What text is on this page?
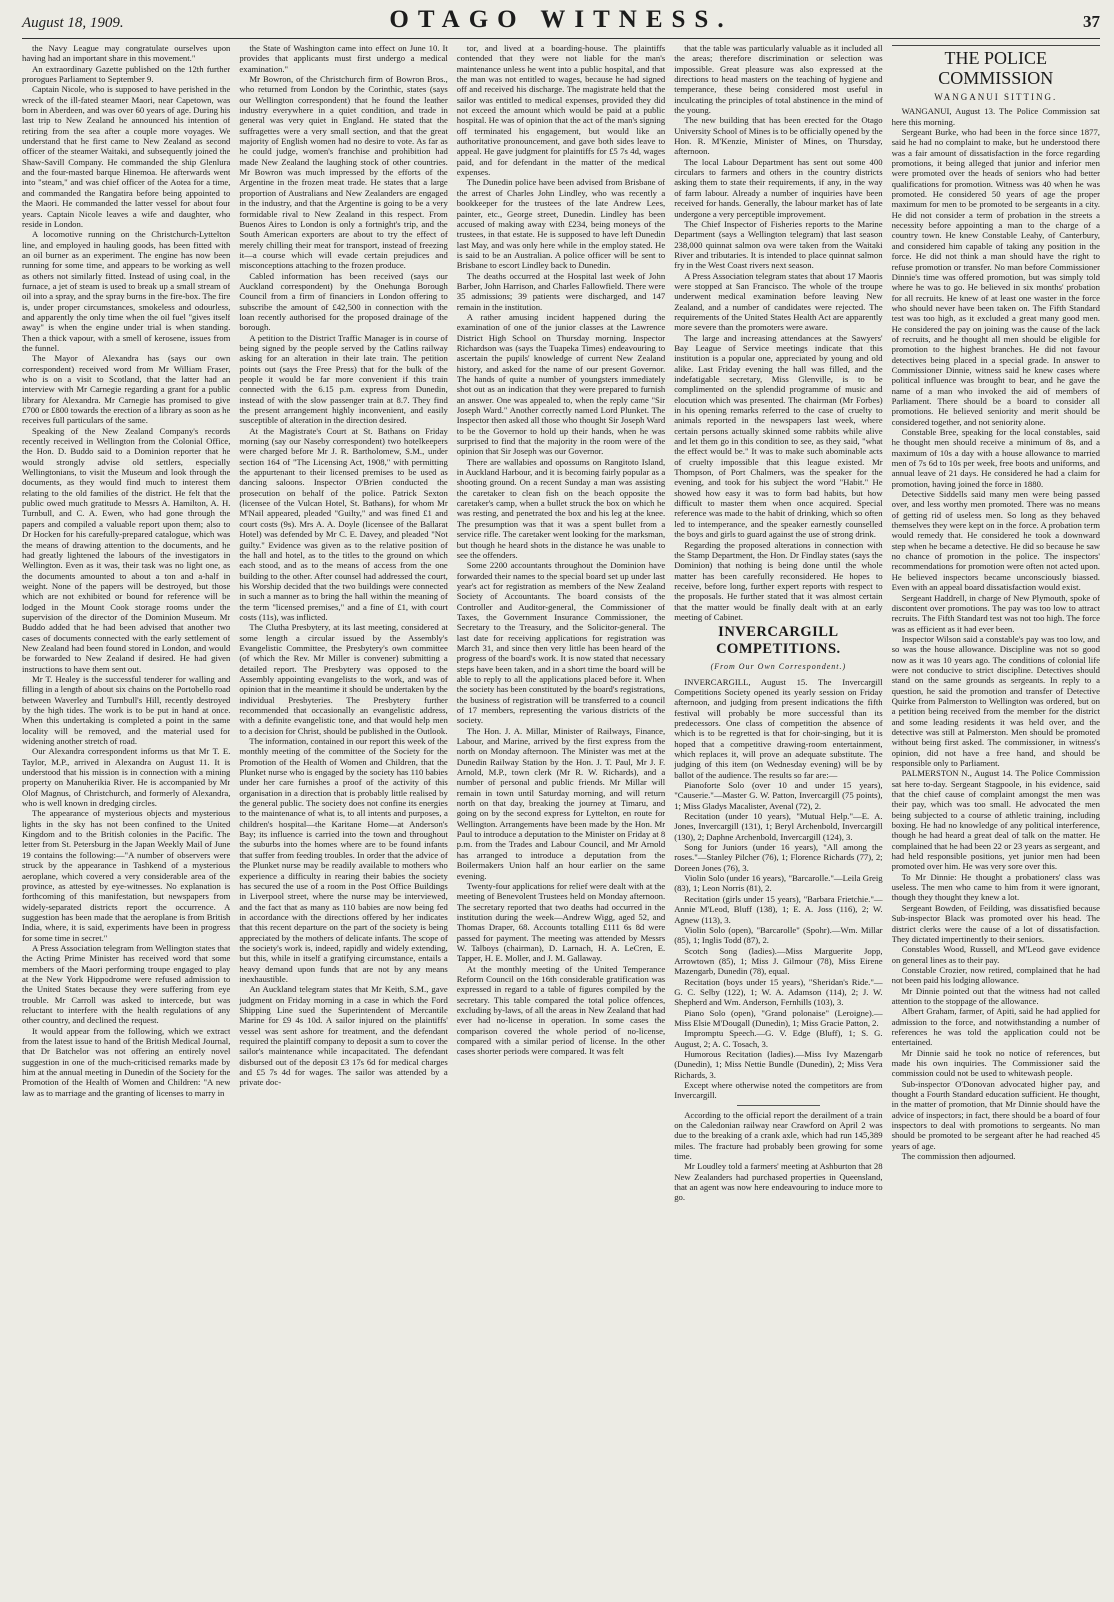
August 18, 1909.	OTAGO WITNESS.	37

the Navy League may congratulate ourselves upon having had an important share in this movement."

An extraordinary Gazette published on the 12th further prorogues Parliament to September 9.

Captain Nicole, who is supposed to have perished in the wreck of the ill-fated steamer Maori, near Capetown, was born in Aberdeen, and was over 60 years of age. During his last trip to New Zealand he announced his intention of retiring from the sea after a couple more voyages. We understand that he first came to New Zealand as second officer of the steamer Waitaki, and subsequently joined the Shaw-Savill Company. He commanded the ship Glenlura and the four-masted barque Hinemoa. He afterwards went into "steam," and was chief officer of the Aotea for a time, and commanded the Rangatira before being appointed to the Maori. He commanded the latter vessel for about four years. Captain Nicole leaves a wife and daughter, who reside in London.

A locomotive running on the Christchurch-Lyttelton line, and employed in hauling goods, has been fitted with an oil burner as an experiment. The engine has now been running for some time, and appears to be working as well as others not similarly fitted. Instead of using coal, in the furnace, a jet of steam is used to break up a small stream of oil into a spray, and the spray burns in the fire-box. The fire is, under proper circumstances, smokeless and odourless, and apparently the only time when the oil fuel "gives itself away" is when the engine under trial is when standing. Then a thick vapour, with a smell of kerosene, issues from the funnel.

The Mayor of Alexandra has (says our own correspondent) received word from Mr William Fraser, who is on a visit to Scotland, that the latter had an interview with Mr Carnegie regarding a grant for a public library for Alexandra. Mr Carnegie has promised to give £700 or £800 towards the erection of a library as soon as he receives full particulars of the same.

Speaking of the New Zealand Company's records recently received in Wellington from the Colonial Office, the Hon. D. Buddo said to a Dominion reporter that he would strongly advise old settlers, especially Wellingtonians, to visit the Museum and look through the documents, as they would find much to interest them relating to the old families of the district. He felt that the public owed much gratitude to Messrs A. Hamilton, A. H. Turnbull, and C. A. Ewen, who had gone through the papers and compiled a valuable report upon them; also to Dr Hocken for his carefully-prepared catalogue, which was the means of drawing attention to the documents, and he had greatly lightened the labours of the investigators in Wellington. Even as it was, their task was no light one, as the documents amounted to about a ton and a-half in weight. None of the papers will be destroyed, but those which are not exhibited or bound for reference will be lodged in the Mount Cook storage rooms under the supervision of the director of the Dominion Museum. Mr Buddo added that he had been advised that another two cases of documents connected with the early settlement of New Zealand had been found stored in London, and would be forwarded to New Zealand if desired. He had given instructions to have them sent out.

Mr T. Healey is the successful tenderer for walling and filling in a length of about six chains on the Portobello road between Waverley and Turnbull's Hill, recently destroyed by the high tides. The work is to be put in hand at once. When this undertaking is completed a point in the same locality will be removed, and the material used for widening another stretch of road.

Our Alexandra correspondent informs us that Mr T. E. Taylor, M.P., arrived in Alexandra on August 11. It is understood that his mission is in connection with a mining property on Manuherikia River. He is accompanied by Mr Olof Magnus, of Christchurch, and formerly of Alexandra, who is well known in dredging circles.

The appearance of mysterious objects and mysterious lights in the sky has not been confined to the United Kingdom and to the British colonies in the Pacific. The letter from St. Petersburg in the Japan Weekly Mail of June 19 contains the following:—"A number of observers were struck by the appearance in Tashkend of a mysterious aeroplane, which covered a very considerable area of the province, as attested by eye-witnesses. No explanation is forthcoming of this manifestation, but newspapers from widely-separated districts report the occurrence. A suggestion has been made that the aeroplane is from British India, where, it is said, experiments have been in progress for some time in secret."

A Press Association telegram from Wellington states that the Acting Prime Minister has received word that some members of the Maori performing troupe engaged to play at the New York Hippodrome were refused admission to the United States because they were suffering from eye trouble. Mr Carroll was asked to intercede, but was reluctant to interfere with the health regulations of any other country, and declined the request.

It would appear from the following, which we extract from the latest issue to hand of the British Medical Journal, that Dr Batchelor was not offering an entirely novel suggestion in one of the much-criticised remarks made by him at the annual meeting in Dunedin of the Society for the Promotion of the Health of Women and Children: "A new law as to marriage and the granting of licenses to marry in

the State of Washington came into effect on June 10. It provides that applicants must first undergo a medical examination."

Mr Bowron, of the Christchurch firm of Bowron Bros., who returned from London by the Corinthic, states (says our Wellington correspondent) that he found the leather industry everywhere in a quiet condition, and trade in general was very quiet in England. He stated that the suffragettes were a very small section, and that the great majority of English women had no desire to vote. As far as he could judge, women's franchise and prohibition had made New Zealand the laughing stock of other countries. Mr Bowron was much impressed by the efforts of the Argentine in the frozen meat trade. He states that a large proportion of Australians and New Zealanders are engaged in the industry, and that the Argentine is going to be a very formidable rival to New Zealand in this respect. From Buenos Aires to London is only a fortnight's trip, and the South American exporters are about to try the effect of merely chilling their meat for transport, instead of freezing it—a course which will evade certain prejudices and misconceptions attaching to the frozen produce.

Cabled information has been received (says our Auckland correspondent) by the Onehunga Borough Council from a firm of financiers in London offering to subscribe the amount of £42,500 in connection with the loan recently authorised for the proposed drainage of the borough.

A petition to the District Traffic Manager is in course of being signed by the people served by the Catlins railway asking for an alteration in their late train. The petition points out (says the Free Press) that for the bulk of the people it would be far more convenient if this train connected with the 6.15 p.m. express from Dunedin, instead of with the slow passenger train at 8.7. They find the present arrangement highly inconvenient, and easily susceptible of alteration in the direction desired.

At the Magistrate's Court at St. Bathans on Friday morning (say our Naseby correspondent) two hotelkeepers were charged before Mr J. R. Bartholomew, S.M., under section 164 of "The Licensing Act, 1908," with permitting the appurtenant to their licensed premises to be used as dancing saloons. Inspector O'Brien conducted the prosecution on behalf of the police. Patrick Sexton (licensee of the Vulcan Hotel, St. Bathans), for whom Mr M'Nail appeared, pleaded "Guilty," and was fined £1 and court costs (9s). Mrs A. A. Doyle (licensee of the Ballarat Hotel) was defended by Mr C. E. Davey, and pleaded "Not guilty." Evidence was given as to the relative position of the hall and hotel, as to the titles to the ground on which each stood, and as to the means of access from the one building to the other. After counsel had addressed the court, his Worship decided that the two buildings were connected in such a manner as to bring the hall within the meaning of the term "licensed premises," and a fine of £1, with court costs (11s), was inflicted.

The Clutha Presbytery, at its last meeting, considered at some length a circular issued by the Assembly's Evangelistic Committee, the Presbytery's own committee (of which the Rev. Mr Miller is convener) submitting a detailed report. The Presbytery was opposed to the Assembly appointing evangelists to the work, and was of opinion that in the meantime it should be undertaken by the individual Presbyteries. The Presbytery further recommended that occasionally an evangelistic address, with a definite evangelistic tone, and that would help men to a decision for Christ, should be published in the Outlook.

The information, contained in our report this week of the monthly meeting of the committee of the Society for the Promotion of the Health of Women and Children, that the Plunket nurse who is engaged by the society has 110 babies under her care furnishes a proof of the activity of this organisation in a direction that is probably little realised by the general public. The society does not confine its energies to the maintenance of what is, to all intents and purposes, a children's hospital—the Karitane Home—at Anderson's Bay; its influence is carried into the town and throughout the suburbs into the homes where are to be found infants that suffer from feeding troubles. In order that the advice of the Plunket nurse may be readily available to mothers who experience a difficulty in rearing their babies the society has secured the use of a room in the Post Office Buildings in Liverpool street, where the nurse may be interviewed, and the fact that as many as 110 babies are now being fed in accordance with the directions offered by her indicates that this recent departure on the part of the society is being appreciated by the mothers of delicate infants. The scope of the society's work is, indeed, rapidly and widely extending, but this, while in itself a gratifying circumstance, entails a heavy demand upon funds that are not by any means inexhaustible.

An Auckland telegram states that Mr Keith, S.M., gave judgment on Friday morning in a case in which the Ford Shipping Line sued the Superintendent of Mercantile Marine for £9 4s 10d. A sailor injured on the plaintiffs' vessel was sent ashore for treatment, and the defendant required the plaintiff company to deposit a sum to cover the sailor's maintenance while incapacitated. The defendant disbursed out of the deposit £3 17s 6d for medical charges and £5 7s 4d for wages. The sailor was attended by a private doc-

tor, and lived at a boarding-house. The plaintiffs contended that they were not liable for the man's maintenance unless he went into a public hospital, and that the man was not entitled to wages, because he had signed off and received his discharge. The magistrate held that the sailor was entitled to medical expenses, provided they did not exceed the amount which would be paid at a public hospital. He was of opinion that the act of the man's signing off terminated his engagement, but would like an authoritative pronouncement, and gave both sides leave to appeal. He gave judgment for plaintiffs for £5 7s 4d, wages paid, and for defendant in the matter of the medical expenses.

The Dunedin police have been advised from Brisbane of the arrest of Charles John Lindley, who was recently a bookkeeper for the trustees of the late Andrew Lees, painter, etc., George street, Dunedin. Lindley has been accused of making away with £234, being moneys of the trustees, in that estate. He is supposed to have left Dunedin last May, and was only here while in the employ stated. He is said to be an Australian. A police officer will be sent to Brisbane to escort Lindley back to Dunedin.

The deaths occurred at the Hospital last week of John Barber, John Harrison, and Charles Fallowfield. There were 35 admissions; 39 patients were discharged, and 147 remain in the institution.

A rather amusing incident happened during the examination of one of the junior classes at the Lawrence District High School on Thursday morning. Inspector Richardson was (says the Tuapeka Times) endeavouring to ascertain the pupils' knowledge of current New Zealand history, and asked for the name of our present Governor. The hands of quite a number of youngsters immediately shot out as an indication that they were prepared to furnish an answer. One was appealed to, when the reply came "Sir Joseph Ward." Another correctly named Lord Plunket. The Inspector then asked all those who thought Sir Joseph Ward to be the Governor to hold up their hands, when he was surprised to find that the majority in the room were of the opinion that Sir Joseph was our Governor.

There are wallabies and opossums on Rangitoto Island, in Auckland Harbour, and it is becoming fairly popular as a shooting ground. On a recent Sunday a man was assisting the caretaker to clean fish on the beach opposite the caretaker's camp, when a bullet struck the box on which he was resting, and penetrated the box and his leg at the knee. The presumption was that it was a spent bullet from a service rifle. The caretaker went looking for the marksman, but though he heard shots in the distance he was unable to see the offenders.

Some 2200 accountants throughout the Dominion have forwarded their names to the special board set up under last year's act for registration as members of the New Zealand Society of Accountants. The board consists of the Controller and Auditor-general, the Commissioner of Taxes, the Government Insurance Commissioner, the Secretary to the Treasury, and the Solicitor-general. The last date for receiving applications for registration was March 31, and since then very little has been heard of the progress of the board's work. It is now stated that necessary steps have been taken, and in a short time the board will be able to reply to all the applications placed before it. When the society has been constituted by the board's registrations, the business of registration will be transferred to a council of 17 members, representing the various districts of the society.

The Hon. J. A. Millar, Minister of Railways, Finance, Labour, and Marine, arrived by the first express from the north on Monday afternoon. The Minister was met at the Dunedin Railway Station by the Hon. J. T. Paul, Mr J. F. Arnold, M.P., town clerk (Mr R. W. Richards), and a number of personal and public friends. Mr Millar will remain in town until Saturday morning, and will return north on that day, breaking the journey at Timaru, and going on by the second express for Lyttelton, en route for Wellington. Arrangements have been made by the Hon. Mr Paul to introduce a deputation to the Minister on Friday at 8 p.m. from the Trades and Labour Council, and Mr Arnold has arranged to introduce a deputation from the Boilermakers Union half an hour earlier on the same evening.

Twenty-four applications for relief were dealt with at the meeting of Benevolent Trustees held on Monday afternoon. The secretary reported that two deaths had occurred in the institution during the week—Andrew Wigg, aged 52, and Thomas Draper, 68. Accounts totalling £111 6s 8d were passed for payment. The meeting was attended by Messrs W. Talboys (chairman), D. Larnach, H. A. LeCren, E. Tapper, H. E. Moller, and J. M. Gallaway.

At the monthly meeting of the United Temperance Reform Council on the 16th considerable gratification was expressed in regard to a table of figures compiled by the secretary. This table compared the total police offences, excluding by-laws, of all the areas in New Zealand that had ever had no-license in operation. In some cases the comparison covered the whole period of no-license, compared with a similar period of license. In the other cases shorter periods were compared. It was felt

that the table was particularly valuable as it included all the areas; therefore discrimination or selection was impossible. Great pleasure was also expressed at the directions to head masters on the teaching of hygiene and temperance, these being considered most useful in inculcating the principles of total abstinence in the mind of the young.

The new building that has been erected for the Otago University School of Mines is to be officially opened by the Hon. R. M'Kenzie, Minister of Mines, on Thursday, afternoon.

The local Labour Department has sent out some 400 circulars to farmers and others in the country districts asking them to state their requirements, if any, in the way of farm labour. Already a number of inquiries have been received for hands. Generally, the labour market has of late undergone a very perceptible improvement.

The Chief Inspector of Fisheries reports to the Marine Department (says a Wellington telegram) that last season 238,000 quinnat salmon ova were taken from the Waitaki River and tributaries. It is intended to place quinnat salmon fry in the West Coast rivers next season.

A Press Association telegram states that about 17 Maoris were stopped at San Francisco. The whole of the troupe underwent medical examination before leaving New Zealand, and a number of candidates were rejected. The requirements of the United States Health Act are apparently more severe than the promoters were aware.

The large and increasing attendances at the Sawyers' Bay League of Service meetings indicate that this institution is a popular one, appreciated by young and old alike. Last Friday evening the hall was filled, and the indefatigable secretary, Miss Glenville, is to be complimented on the splendid programme of music and elocution which was presented. The chairman (Mr Forbes) in his opening remarks referred to the case of cruelty to animals reported in the newspapers last week, where certain persons actually skinned some rabbits while alive and let them go in this condition to see, as they said, "what the effect would be." It was to make such abominable acts of cruelty impossible that this league existed. Mr Thompson, of Port Chalmers, was the speaker for the evening, and took for his subject the word "Habit." He showed how easy it was to form bad habits, but how difficult to master them when once acquired. Special reference was made to the habit of drinking, which so often led to intemperance, and the speaker earnestly counselled the boys and girls to guard against the use of strong drink.

Regarding the proposed alterations in connection with the Stamp Department, the Hon. Dr Findlay states (says the Dominion) that nothing is being done until the whole matter has been carefully reconsidered. He hopes to receive, before long, further expert reports with respect to the proposals. He further stated that it was almost certain that the matter would be finally dealt with at an early meeting of Cabinet.

INVERCARGILL COMPETITIONS.
(From Our Own Correspondent.)

INVERCARGILL, August 15. The Invercargill Competitions Society opened its yearly session on Friday afternoon, and judging from present indications the fifth festival will probably be more successful than its predecessors. One class of competition the absence of which is to be regretted is that for choir-singing, but it is hoped that a competitive drawing-room entertainment, which replaces it, will prove an adequate substitute. The judging of this item (on Wednesday evening) will be by ballot of the audience. The results so far are:—

Pianoforte Solo (over 10 and under 15 years), "Causerie."—Master G. W. Patton, Invercargill (75 points), 1; Miss Gladys Macalister, Avenal (72), 2.

Recitation (under 10 years), "Mutual Help."—E. A. Jones, Invercargill (131), 1; Beryl Archenbold, Invercargill (130), 2; Daphne Archenbold, Invercargill (124), 3.

Song for Juniors (under 16 years), "All among the roses."—Stanley Pilcher (76), 1; Florence Richards (77), 2; Doreen Jones (76), 3.

Violin Solo (under 16 years), "Barcarolle."—Leila Greig (83), 1; Leon Norris (81), 2.

Recitation (girls under 15 years), "Barbara Frietchie."—Annie M'Leod, Bluff (138), 1; E. A. Joss (116), 2; W. Agnew (113), 3.

Violin Solo (open), "Barcarolle" (Spohr).—Wm. Millar (85), 1; Inglis Todd (87), 2.

Scotch Song (ladies).—Miss Marguerite Jopp, Arrowtown (85), 1; Miss J. Gilmour (78), Miss Eirene Mazengarb, Dunedin (78), equal.

Recitation (boys under 15 years), "Sheridan's Ride."—G. C. Selby (122), 1; W. A. Adamson (114), 2; J. W. Shepherd and Wm. Anderson, Fernhills (103), 3.

Piano Solo (open), "Grand polonaise" (Leroigne).—Miss Elsie M'Dougall (Dunedin), 1; Miss Gracie Patton, 2.

Impromptu Speech.—G. V. Edge (Bluff), 1; S. G. August, 2; A. C. Tosach, 3.

Humorous Recitation (ladies).—Miss Ivy Mazengarb (Dunedin), 1; Miss Nettie Bundle (Dunedin), 2; Miss Vera Richards, 3.

Except where otherwise noted the competitors are from Invercargill.

According to the official report the derailment of a train on the Caledonian railway near Crawford on April 2 was due to the breaking of a crank axle, which had run 145,389 miles. The fracture had probably been growing for some time.

Mr Loudley told a farmers' meeting at Ashburton that 28 New Zealanders had purchased properties in Queensland, that an agent was now here endeavouring to induce more to go.

THE POLICE COMMISSION
WANGANUI SITTING.

WANGANUI, August 13. The Police Commission sat here this morning.

Sergeant Burke, who had been in the force since 1877, said he had no complaint to make, but he understood there was a fair amount of dissatisfaction in the force regarding promotions, it being alleged that junior and inferior men were promoted over the heads of seniors who had better qualifications for promotion. Witness was 40 when he was promoted. He considered 50 years of age the proper maximum for men to be promoted to be sergeants in a city. He did not consider a term of probation in the streets a necessity before appointing a man to the charge of a country town. He knew Constable Leahy, of Canterbury, and considered him capable of taking any position in the force. He did not think a man should have the right to refuse promotion or transfer. No man before Commissioner Dinnie's time was offered promotion, but was simply told where he was to go. He believed in six months' probation for all recruits. He knew of at least one waster in the force who should never have been taken on. The Fifth Standard test was too high, as it excluded a great many good men. He considered the pay on joining was the cause of the lack of recruits, and he thought all men should be eligible for promotion to the highest branches. He did not favour detectives being placed in a special grade. In answer to Commissioner Dinnie, witness said he knew cases where political influence was brought to bear, and he gave the name of a man who invoked the aid of members of Parliament. There should be a board to consider all promotions. He believed seniority and merit should be considered together, and not seniority alone.

Constable Bree, speaking for the local constables, said he thought men should receive a minimum of 8s, and a maximum of 10s a day with a house allowance to married men of 7s 6d to 10s per week, free boots and uniforms, and annual leave of 21 days. He considered he had a claim for promotion, having joined the force in 1880.

Detective Siddells said many men were being passed over, and less worthy men promoted. There was no means of getting rid of useless men. So long as they behaved themselves they were kept on in the force. A probation term would remedy that. He considered he took a downward step when he became a detective. He did so because he saw no chance of promotion in the police. The inspectors' recommendations for promotion were often not acted upon. He believed inspectors became unconsciously biassed. Even with an appeal board dissatisfaction would exist.

Sergeant Haddrell, in charge of New Plymouth, spoke of discontent over promotions. The pay was too low to attract recruits. The Fifth Standard test was not too high. The force was as efficient as it had ever been.

Inspector Wilson said a constable's pay was too low, and so was the house allowance. Discipline was not so good now as it was 10 years ago. The conditions of colonial life were not conducive to strict discipline. Detectives should stand on the same grounds as sergeants. In reply to a question, he said the promotion and transfer of Detective Quirke from Palmerston to Wellington was ordered, but on a petition being received from the member for the district and some leading residents it was held over, and the detective was still at Palmerston. Men should be promoted without being first asked. The commissioner, in witness's opinion, did not have a free hand, and should be responsible only to Parliament.

PALMERSTON N., August 14. The Police Commission sat here to-day. Sergeant Stagpoole, in his evidence, said that the chief cause of complaint amongst the men was their pay, which was too small. He advocated the men being subjected to a course of athletic training, including boxing. He had no knowledge of any political interference, though he had heard a great deal of talk on the matter. He complained that he had been 22 or 23 years as sergeant, and had held responsible positions, yet junior men had been promoted over him. He was very sore over this.

To Mr Dinnie: He thought a probationers' class was useless. The men who came to him from it were ignorant, though they thought they knew a lot.

Sergeant Bowden, of Feilding, was dissatisfied because Sub-inspector Black was promoted over his head. The district clerks were the cause of a lot of dissatisfaction. They dictated impertinently to their seniors.

Constables Wood, Russell, and M'Leod gave evidence on general lines as to their pay.

Constable Crozier, now retired, complained that he had not been paid his lodging allowance.

Mr Dinnie pointed out that the witness had not called attention to the stoppage of the allowance.

Albert Graham, farmer, of Apiti, said he had applied for admission to the force, and notwithstanding a number of references he was told the application could not be entertained.

Mr Dinnie said he took no notice of references, but made his own inquiries. The Commissioner said the commission could not be used to whitewash people.

Sub-inspector O'Donovan advocated higher pay, and thought a Fourth Standard education sufficient. He thought, in the matter of promotion, that Mr Dinnie should have the advice of inspectors; in fact, there should be a board of four inspectors to deal with promotions to sergeants. No man should be promoted to be sergeant after he had reached 45 years of age.

The commission then adjourned.
